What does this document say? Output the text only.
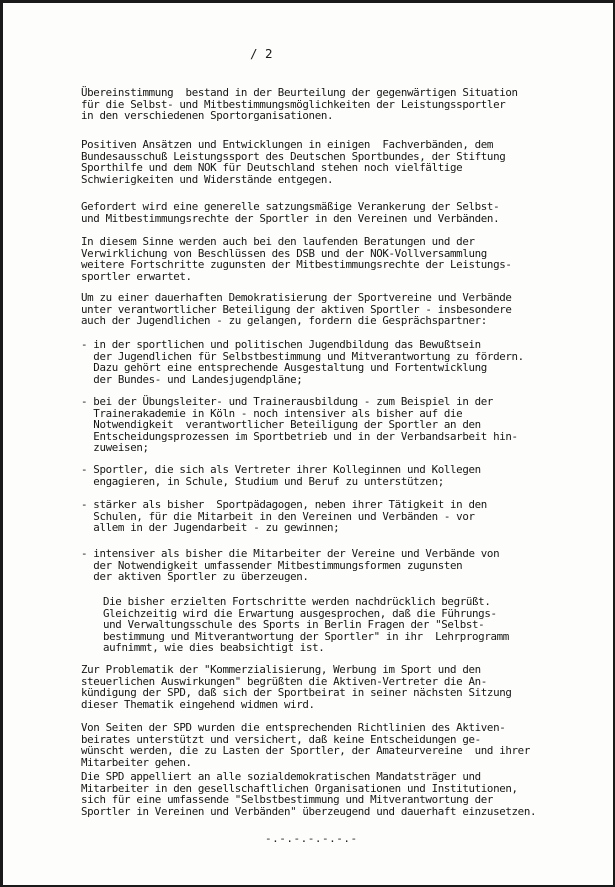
/ 2

Übereinstimmung  bestand in der Beurteilung der gegenwärtigen Situation
für die Selbst- und Mitbestimmungsmöglichkeiten der Leistungssportler
in den verschiedenen Sportorganisationen.

Positiven Ansätzen und Entwicklungen in einigen  Fachverbänden, dem
Bundesausschuß Leistungssport des Deutschen Sportbundes, der Stiftung
Sporthilfe und dem NOK für Deutschland stehen noch vielfältige
Schwierigkeiten und Widerstände entgegen.

Gefordert wird eine generelle satzungsmäßige Verankerung der Selbst-
und Mitbestimmungsrechte der Sportler in den Vereinen und Verbänden.

In diesem Sinne werden auch bei den laufenden Beratungen und der
Verwirklichung von Beschlüssen des DSB und der NOK-Vollversammlung
weitere Fortschritte zugunsten der Mitbestimmungsrechte der Leistungs-
sportler erwartet.

Um zu einer dauerhaften Demokratisierung der Sportvereine und Verbände
unter verantwortlicher Beteiligung der aktiven Sportler - insbesondere
auch der Jugendlichen - zu gelangen, fordern die Gesprächspartner:

- in der sportlichen und politischen Jugendbildung das Bewußtsein
der Jugendlichen für Selbstbestimmung und Mitverantwortung zu fördern.
Dazu gehört eine entsprechende Ausgestaltung und Fortentwicklung
der Bundes- und Landesjugendpläne;

- bei der Übungsleiter- und Trainerausbildung - zum Beispiel in der
Trainerakademie in Köln - noch intensiver als bisher auf die
Notwendigkeit  verantwortlicher Beteiligung der Sportler an den
Entscheidungsprozessen im Sportbetrieb und in der Verbandsarbeit hin-
zuweisen;

- Sportler, die sich als Vertreter ihrer Kolleginnen und Kollegen
engagieren, in Schule, Studium und Beruf zu unterstützen;

- stärker als bisher  Sportpädagogen, neben ihrer Tätigkeit in den
Schulen, für die Mitarbeit in den Vereinen und Verbänden - vor
allem in der Jugendarbeit - zu gewinnen;

- intensiver als bisher die Mitarbeiter der Vereine und Verbände von
der Notwendigkeit umfassender Mitbestimmungsformen zugunsten
der aktiven Sportler zu überzeugen.

Die bisher erzielten Fortschritte werden nachdrücklich begrüßt.
Gleichzeitig wird die Erwartung ausgesprochen, daß die Führungs-
und Verwaltungsschule des Sports in Berlin Fragen der "Selbst-
bestimmung und Mitverantwortung der Sportler" in ihr  Lehrprogramm
aufnimmt, wie dies beabsichtigt ist.

Zur Problematik der "Kommerzialisierung, Werbung im Sport und den
steuerlichen Auswirkungen" begrüßten die Aktiven-Vertreter die An-
kündigung der SPD, daß sich der Sportbeirat in seiner nächsten Sitzung
dieser Thematik eingehend widmen wird.

Von Seiten der SPD wurden die entsprechenden Richtlinien des Aktiven-
beirates unterstützt und versichert, daß keine Entscheidungen ge-
wünscht werden, die zu Lasten der Sportler, der Amateurvereine  und ihrer
Mitarbeiter gehen.

Die SPD appelliert an alle sozialdemokratischen Mandatsträger und
Mitarbeiter in den gesellschaftlichen Organisationen und Institutionen,
sich für eine umfassende "Selbstbestimmung und Mitverantwortung der
Sportler in Vereinen und Verbänden" überzeugend und dauerhaft einzusetzen.

-.-.-.-.-.-.-
